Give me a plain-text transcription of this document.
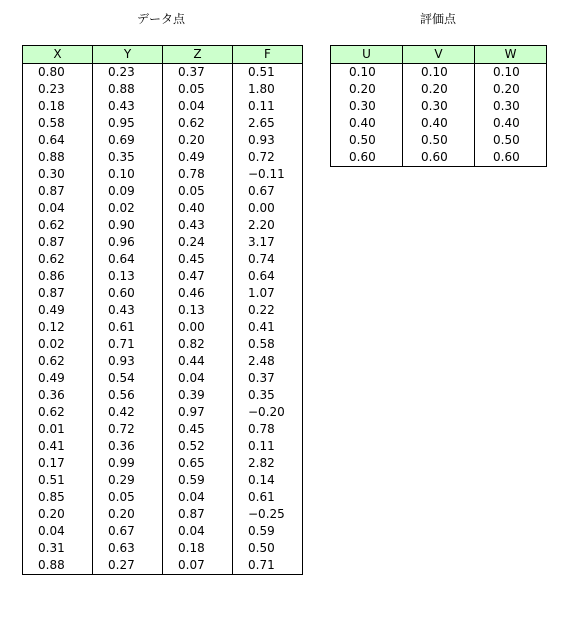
データ点	評価点
X	Y	Z	F
0.80	0.23	0.37	0.51
0.23	0.88	0.05	1.80
0.18	0.43	0.04	0.11
0.58	0.95	0.62	2.65
0.64	0.69	0.20	0.93
0.88	0.35	0.49	0.72
0.30	0.10	0.78	−0.11
0.87	0.09	0.05	0.67
0.04	0.02	0.40	0.00
0.62	0.90	0.43	2.20
0.87	0.96	0.24	3.17
0.62	0.64	0.45	0.74
0.86	0.13	0.47	0.64
0.87	0.60	0.46	1.07
0.49	0.43	0.13	0.22
0.12	0.61	0.00	0.41
0.02	0.71	0.82	0.58
0.62	0.93	0.44	2.48
0.49	0.54	0.04	0.37
0.36	0.56	0.39	0.35
0.62	0.42	0.97	−0.20
0.01	0.72	0.45	0.78
0.41	0.36	0.52	0.11
0.17	0.99	0.65	2.82
0.51	0.29	0.59	0.14
0.85	0.05	0.04	0.61
0.20	0.20	0.87	−0.25
0.04	0.67	0.04	0.59
0.31	0.63	0.18	0.50
0.88	0.27	0.07	0.71
U	V	W
0.10	0.10	0.10
0.20	0.20	0.20
0.30	0.30	0.30
0.40	0.40	0.40
0.50	0.50	0.50
0.60	0.60	0.60
